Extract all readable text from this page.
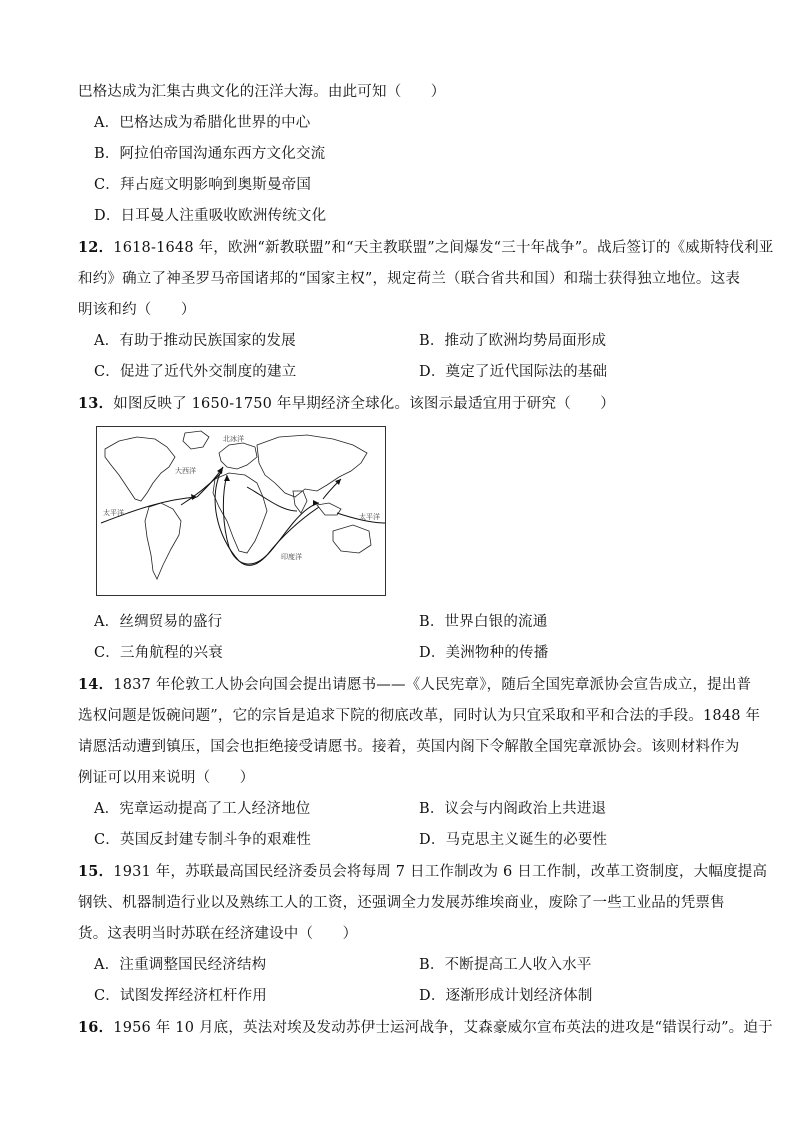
巴格达成为汇集古典文化的汪洋大海。由此可知（　　）
A．巴格达成为希腊化世界的中心
B．阿拉伯帝国沟通东西方文化交流
C．拜占庭文明影响到奥斯曼帝国
D．日耳曼人注重吸收欧洲传统文化
12．1618-1648 年，欧洲“新教联盟”和“天主教联盟”之间爆发“三十年战争”。战后签订的《威斯特伐利亚
和约》确立了神圣罗马帝国诸邦的“国家主权”，规定荷兰（联合省共和国）和瑞士获得独立地位。这表
明该和约（　　）
A．有助于推动民族国家的发展	B．推动了欧洲均势局面形成
C．促进了近代外交制度的建立	D．奠定了近代国际法的基础
13．如图反映了 1650-1750 年早期经济全球化。该图示最适宜用于研究（　　）
北冰洋
大西洋
太平洋	太平洋
印度洋
A．丝绸贸易的盛行	B．世界白银的流通
C．三角航程的兴衰	D．美洲物种的传播
14．1837 年伦敦工人协会向国会提出请愿书——《人民宪章》，随后全国宪章派协会宣告成立，提出普
选权问题是饭碗问题”，它的宗旨是追求下院的彻底改革，同时认为只宜采取和平和合法的手段。1848 年
请愿活动遭到镇压，国会也拒绝接受请愿书。接着，英国内阁下令解散全国宪章派协会。该则材料作为
例证可以用来说明（　　）
A．宪章运动提高了工人经济地位	B．议会与内阁政治上共进退
C．英国反封建专制斗争的艰难性	D．马克思主义诞生的必要性
15．1931 年，苏联最高国民经济委员会将每周 7 日工作制改为 6 日工作制，改革工资制度，大幅度提高
钢铁、机器制造行业以及熟练工人的工资，还强调全力发展苏维埃商业，废除了一些工业品的凭票售
货。这表明当时苏联在经济建设中（　　）
A．注重调整国民经济结构	B．不断提高工人收入水平
C．试图发挥经济杠杆作用	D．逐渐形成计划经济体制
16．1956 年 10 月底，英法对埃及发动苏伊士运河战争，艾森豪威尔宣布英法的进攻是“错误行动”。迫于
